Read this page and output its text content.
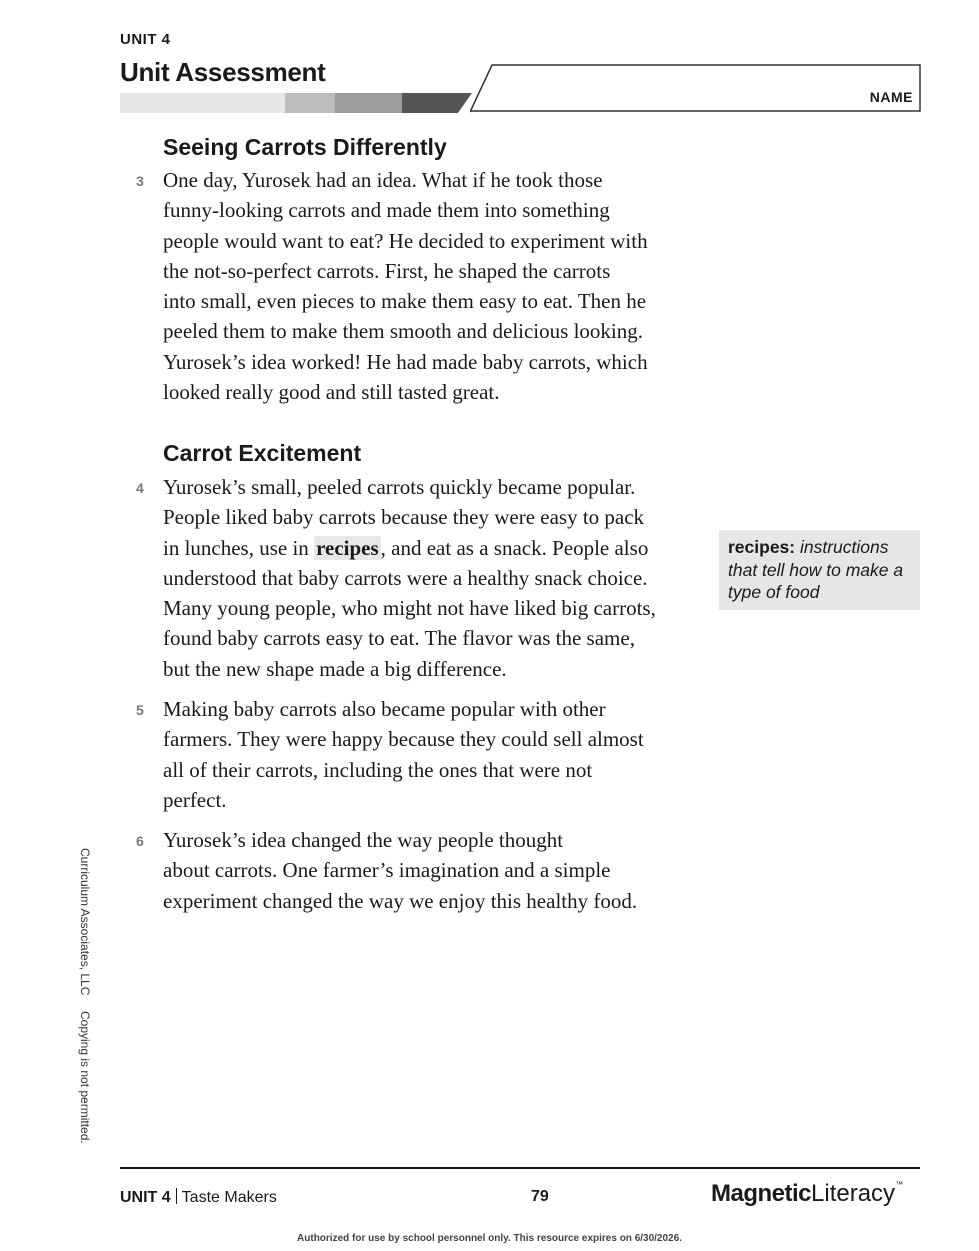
UNIT 4
Unit Assessment
NAME
Seeing Carrots Differently
3 One day, Yurosek had an idea. What if he took those
funny-looking carrots and made them into something
people would want to eat? He decided to experiment with
the not-so-perfect carrots. First, he shaped the carrots
into small, even pieces to make them easy to eat. Then he
peeled them to make them smooth and delicious looking.
Yurosek’s idea worked! He had made baby carrots, which
looked really good and still tasted great.
Carrot Excitement
4 Yurosek’s small, peeled carrots quickly became popular.
People liked baby carrots because they were easy to pack
in lunches, use in recipes, and eat as a snack. People also
understood that baby carrots were a healthy snack choice.
Many young people, who might not have liked big carrots,
found baby carrots easy to eat. The flavor was the same,
but the new shape made a big difference.
5 Making baby carrots also became popular with other
farmers. They were happy because they could sell almost
all of their carrots, including the ones that were not
perfect.
6 Yurosek’s idea changed the way people thought
about carrots. One farmer’s imagination and a simple
experiment changed the way we enjoy this healthy food.
recipes: instructions that tell how to make a type of food
Curriculum Associates, LLC Copying is not permitted.
UNIT 4 Taste Makers	79	MagneticLiteracy™
Authorized for use by school personnel only. This resource expires on 6/30/2026.
